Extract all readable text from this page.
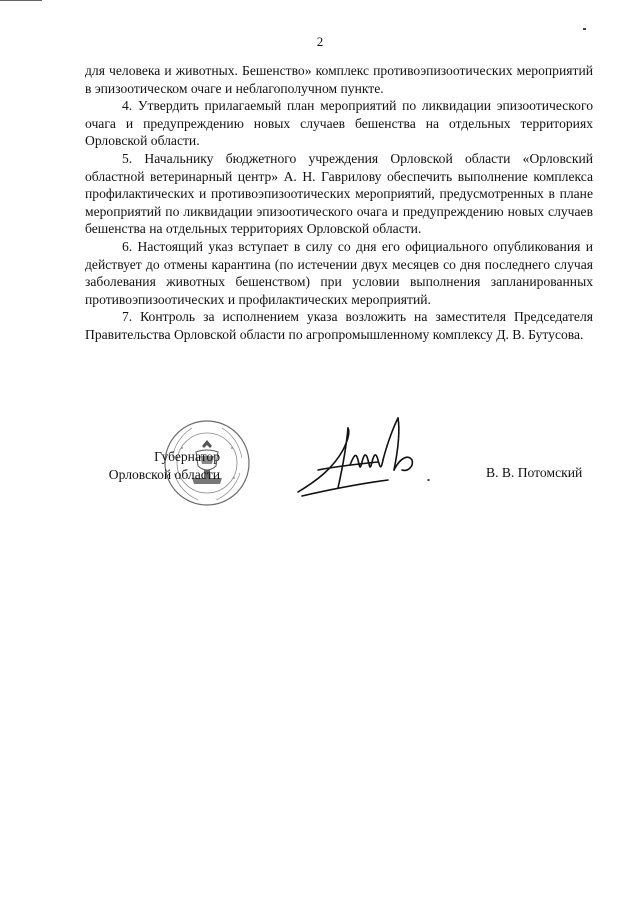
2

для человека и животных. Бешенство» комплекс противоэпизоотических мероприятий в эпизоотическом очаге и неблагополучном пункте.

4. Утвердить прилагаемый план мероприятий по ликвидации эпизоотического очага и предупреждению новых случаев бешенства на отдельных территориях Орловской области.

5. Начальнику бюджетного учреждения Орловской области «Орловский областной ветеринарный центр» А. Н. Гаврилову обеспечить выполнение комплекса профилактических и противоэпизоотических мероприятий, предусмотренных в плане мероприятий по ликвидации эпизоотического очага и предупреждению новых случаев бешенства на отдельных территориях Орловской области.

6. Настоящий указ вступает в силу со дня его официального опубликования и действует до отмены карантина (по истечении двух месяцев со дня последнего случая заболевания животных бешенством) при условии выполнения запланированных противоэпизоотических и профилактических мероприятий.

7. Контроль за исполнением указа возложить на заместителя Председателя Правительства Орловской области по агропромышленному комплексу Д. В. Бутусова.

Губернатор
Орловской области	В. В. Потомский
